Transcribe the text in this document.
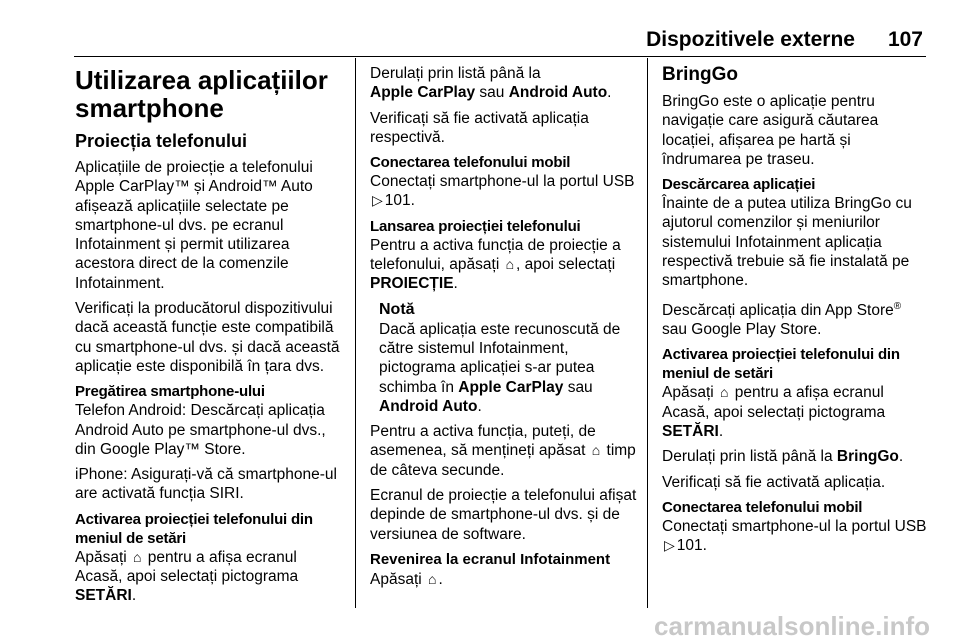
Dispozitivele externe 107
Utilizarea aplicațiilor smartphone
Proiecția telefonului

Aplicațiile de proiecție a telefonului Apple CarPlay™ și Android™ Auto afișează aplicațiile selectate pe smartphone-ul dvs. pe ecranul Infotainment și permit utilizarea acestora direct de la comenzile Infotainment.

Verificați la producătorul dispozitivului dacă această funcție este compatibilă cu smartphone-ul dvs. și dacă această aplicație este disponibilă în țara dvs.

Pregătirea smartphone-ului

Telefon Android: Descărcați aplicația Android Auto pe smartphone-ul dvs., din Google Play™ Store.

iPhone: Asigurați-vă că smartphone-ul are activată funcția SIRI.

Activarea proiecției telefonului din meniul de setări

Apăsați ⌂ pentru a afișa ecranul Acasă, apoi selectați pictograma SETĂRI.

Derulați prin listă până la
Apple CarPlay sau Android Auto.

Verificați să fie activată aplicația respectivă.

Conectarea telefonului mobil

Conectați smartphone-ul la portul USB ▷ 101.

Lansarea proiecției telefonului

Pentru a activa funcția de proiecție a telefonului, apăsați ⌂ , apoi selectați PROIECȚIE.

Notă

Dacă aplicația este recunoscută de către sistemul Infotainment, pictograma aplicației s-ar putea schimba în Apple CarPlay sau Android Auto.

Pentru a activa funcția, puteți, de asemenea, să mențineți apăsat ⌂ timp de câteva secunde.

Ecranul de proiecție a telefonului afișat depinde de smartphone-ul dvs. și de versiunea de software.

Revenirea la ecranul Infotainment

Apăsați ⌂ .

BringGo

BringGo este o aplicație pentru navigație care asigură căutarea locației, afișarea pe hartă și îndrumarea pe traseu.

Descărcarea aplicației

Înainte de a putea utiliza BringGo cu ajutorul comenzilor și meniurilor sistemului Infotainment aplicația respectivă trebuie să fie instalată pe smartphone.

Descărcați aplicația din App Store® sau Google Play Store.

Activarea proiecției telefonului din meniul de setări

Apăsați ⌂ pentru a afișa ecranul Acasă, apoi selectați pictograma SETĂRI.

Derulați prin listă până la BringGo.

Verificați să fie activată aplicația.

Conectarea telefonului mobil

Conectați smartphone-ul la portul USB ▷ 101.

carmanualsonline.info
